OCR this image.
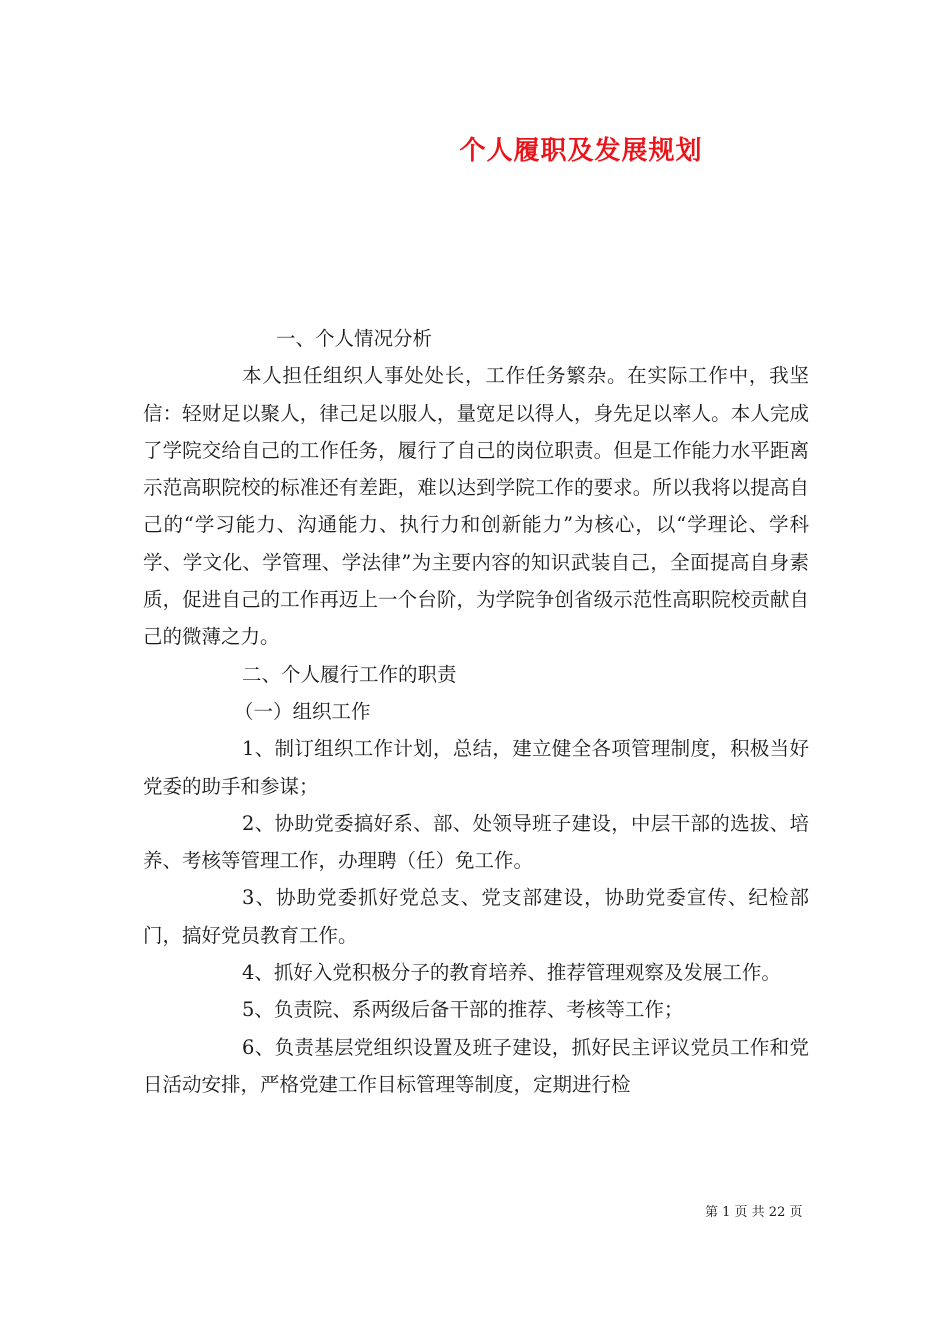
个人履职及发展规划

一、个人情况分析

本人担任组织人事处处长，工作任务繁杂。在实际工作中，我坚信：轻财足以聚人，律己足以服人，量宽足以得人，身先足以率人。本人完成了学院交给自己的工作任务，履行了自己的岗位职责。但是工作能力水平距离示范高职院校的标准还有差距，难以达到学院工作的要求。所以我将以提高自己的“学习能力、沟通能力、执行力和创新能力”为核心，以“学理论、学科学、学文化、学管理、学法律”为主要内容的知识武装自己，全面提高自身素质，促进自己的工作再迈上一个台阶，为学院争创省级示范性高职院校贡献自己的微薄之力。

二、个人履行工作的职责

（一）组织工作

1、制订组织工作计划，总结，建立健全各项管理制度，积极当好党委的助手和参谋；

2、协助党委搞好系、部、处领导班子建设，中层干部的选拔、培养、考核等管理工作，办理聘（任）免工作。

3、协助党委抓好党总支、党支部建设，协助党委宣传、纪检部门，搞好党员教育工作。

4、抓好入党积极分子的教育培养、推荐管理观察及发展工作。

5、负责院、系两级后备干部的推荐、考核等工作；

6、负责基层党组织设置及班子建设，抓好民主评议党员工作和党日活动安排，严格党建工作目标管理等制度，定期进行检

第 1 页 共 22 页
